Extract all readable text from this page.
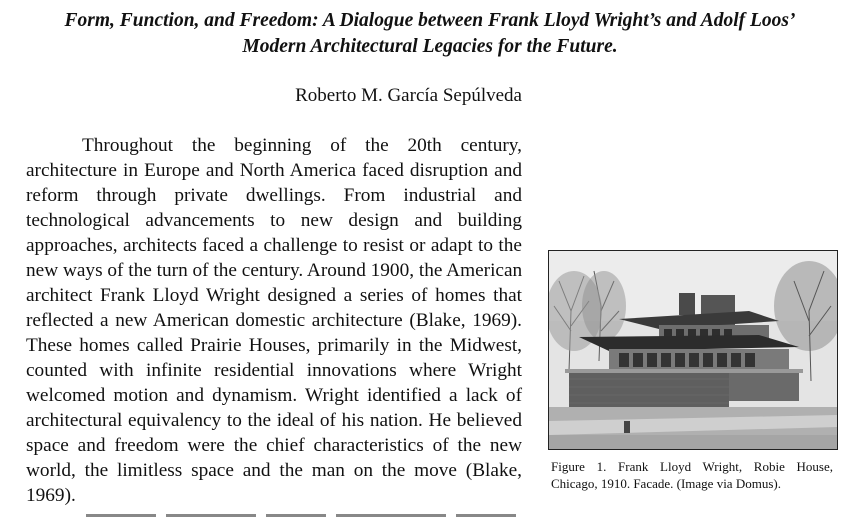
Form, Function, and Freedom: A Dialogue between Frank Lloyd Wright’s and Adolf Loos’
Modern Architectural Legacies for the Future.
Roberto M. García Sepúlveda
Throughout the beginning of the 20th century,
architecture in Europe and North America faced disruption and
reform through private dwellings. From industrial and
technological advancements to new design and building
approaches, architects faced a challenge to resist or adapt to the
new ways of the turn of the century. Around 1900, the American
architect Frank Lloyd Wright designed a series of homes that
reflected a new American domestic architecture (Blake, 1969).
These homes called Prairie Houses, primarily in the Midwest,
counted with infinite residential innovations where Wright
welcomed motion and dynamism. Wright identified a lack of
architectural equivalency to the ideal of his nation. He believed
space and freedom were the chief characteristics of the new
world, the limitless space and the man on the move (Blake,
1969).
Figure 1. Frank Lloyd Wright, Robie House,
Chicago, 1910. Facade. (Image via Domus).
